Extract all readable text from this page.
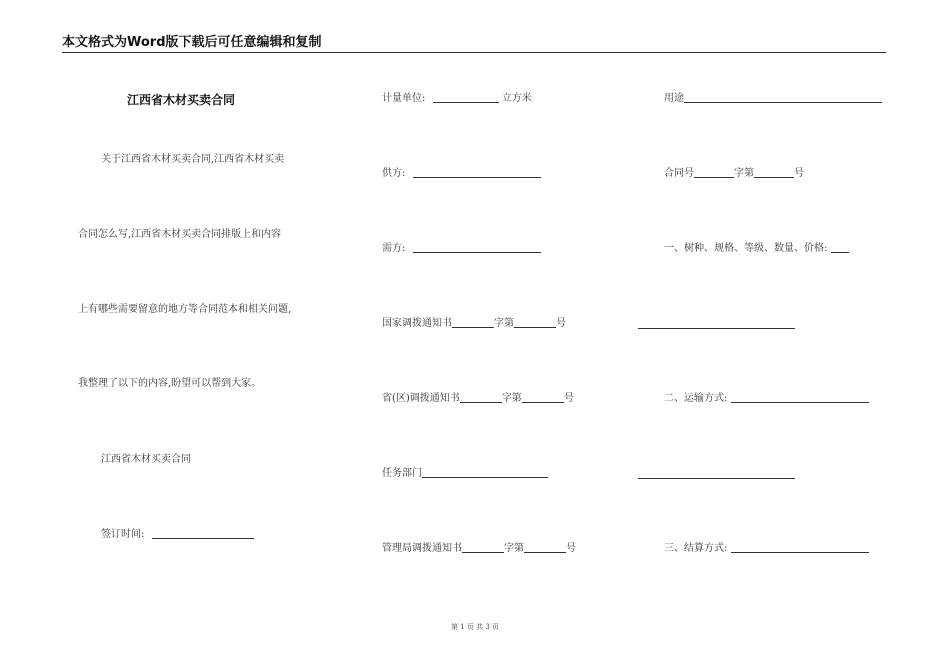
本文格式为Word版下载后可任意编辑和复制
江西省木材买卖合同
关于江西省木材买卖合同,江西省木材买卖
合同怎么写,江西省木材买卖合同排版上和内容
上有哪些需要留意的地方等合同范本和相关问题,
我整理了以下的内容,盼望可以帮到大家。
江西省木材买卖合同
签订时间:
计量单位:	立方米
供方:
需方:
国家调拨通知书	字第	号
省(区)调拨通知书	字第	号
任务部门
管理局调拨通知书	字第	号
用途
合同号	字第	号
一、树种、规格、等级、数量、价格:
二、运输方式:
三、结算方式:
第 1 页 共 3 页
